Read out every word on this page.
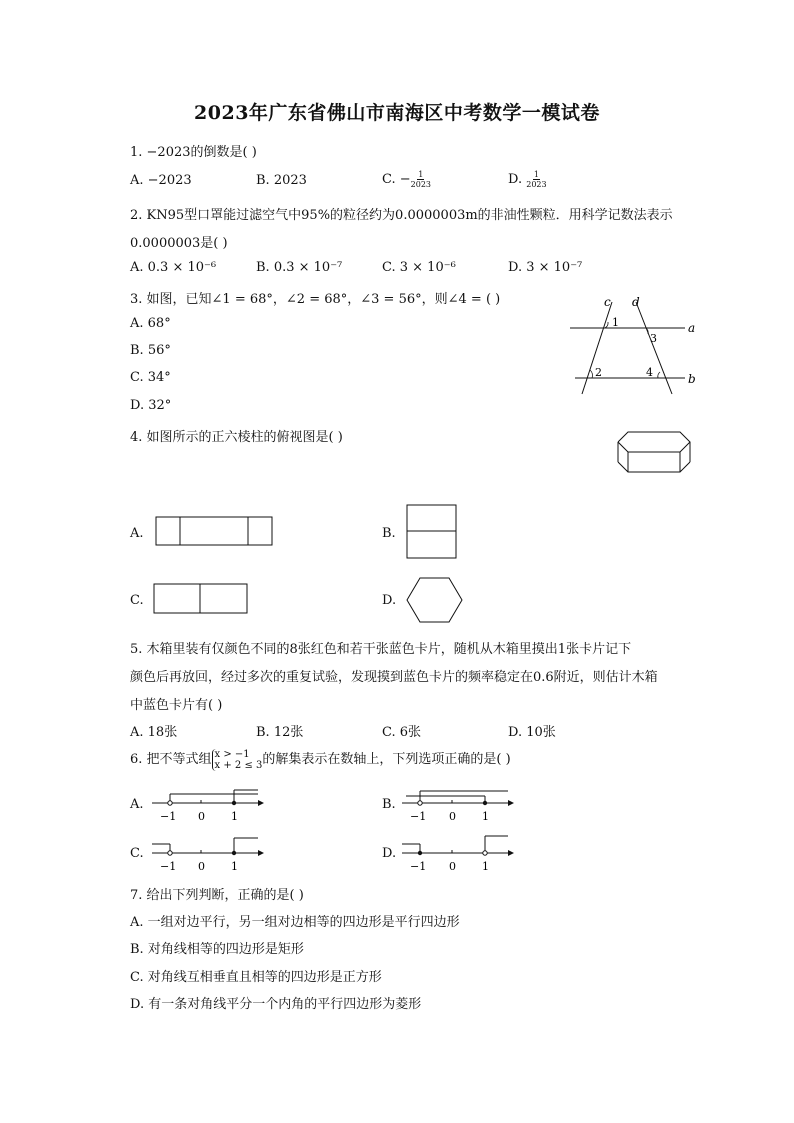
2023年广东省佛山市南海区中考数学一模试卷
1. −2023的倒数是( )
A. −2023	B. 2023	C. − $\frac{1}{2023}$	D. $\frac{1}{2023}$
2. KN95型口罩能过滤空气中95%的粒径约为0.0000003m的非油性颗粒．用科学记数法表示
0.0000003是( )
A. 0.3 × 10⁻⁶	B. 0.3 × 10⁻⁷	C. 3 × 10⁻⁶	D. 3 × 10⁻⁷
3. 如图，已知∠1 = 68°，∠2 = 68°，∠3 = 56°，则∠4 = ( )
A. 68°
B. 56°
C. 34°
D. 32°
c d
a
b
1
3
2	4
4. 如图所示的正六棱柱的俯视图是( )
A.	B.
C.	D.
5. 木箱里装有仅颜色不同的8张红色和若干张蓝色卡片，随机从木箱里摸出1张卡片记下
颜色后再放回，经过多次的重复试验，发现摸到蓝色卡片的频率稳定在0.6附近，则估计木箱
中蓝色卡片有( )
A. 18张	B. 12张	C. 6张	D. 10张
6. 把不等式组 x > −1
x + 2 ≤ 3 的解集表示在数轴上，下列选项正确的是( )
A.
−1 0 1
B.
−1 0 1
C.
−1 0 1
D.
−1 0 1
7. 给出下列判断，正确的是( )
A. 一组对边平行，另一组对边相等的四边形是平行四边形
B. 对角线相等的四边形是矩形
C. 对角线互相垂直且相等的四边形是正方形
D. 有一条对角线平分一个内角的平行四边形为菱形
